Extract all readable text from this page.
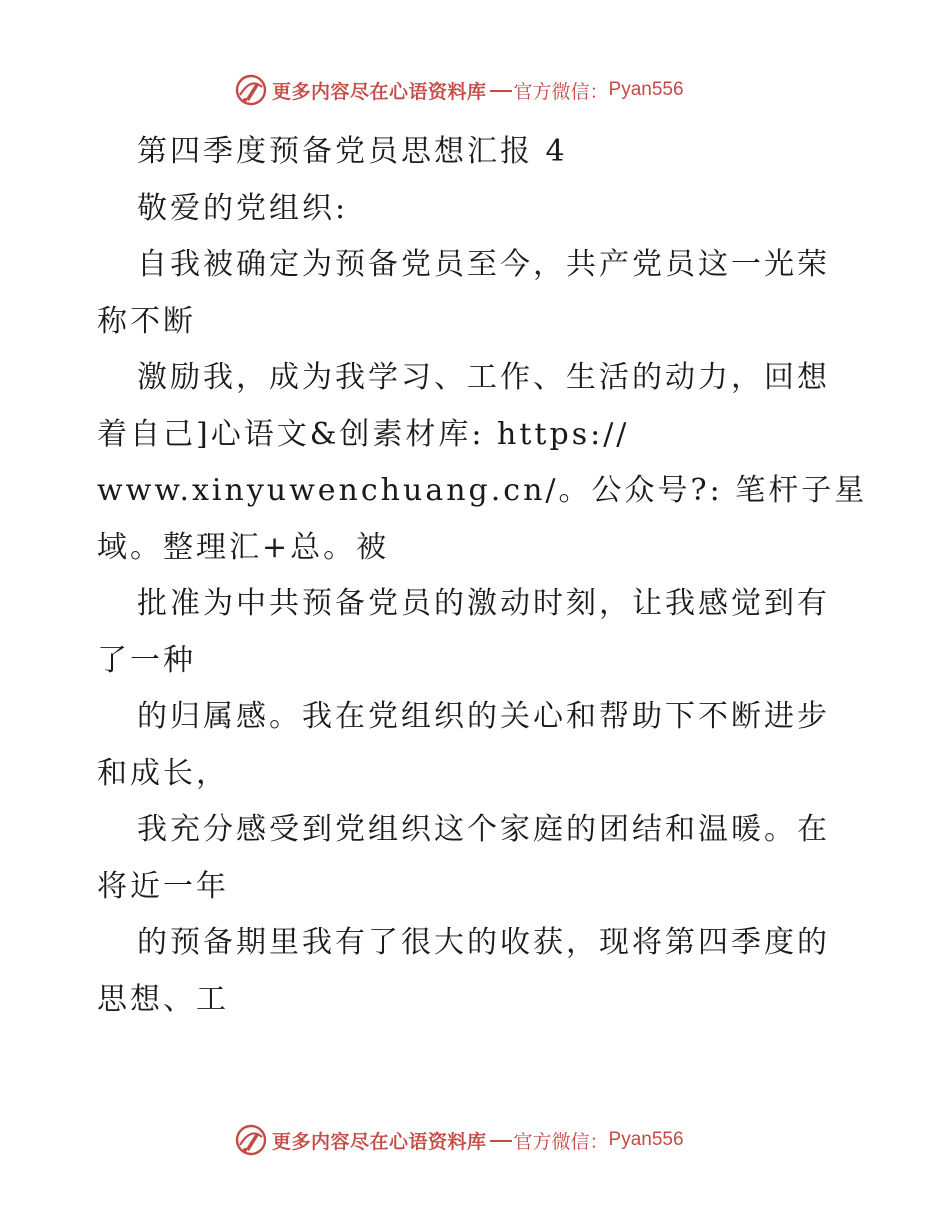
更多内容尽在心语资料库 官方微信： Pyan556
第四季度预备党员思想汇报 4
敬爱的党组织:
自我被确定为预备党员至今，共产党员这一光荣
称不断
激励我，成为我学习、工作、生活的动力，回想
着自己]心语文&创素材库: https://
www.xinyuwenchuang.cn/。公众号?: 笔杆子星
域。整理汇+总。被
批准为中共预备党员的激动时刻，让我感觉到有
了一种
的归属感。我在党组织的关心和帮助下不断进步
和成长，
我充分感受到党组织这个家庭的团结和温暖。在
将近一年
的预备期里我有了很大的收获，现将第四季度的
思想、工
更多内容尽在心语资料库 官方微信： Pyan556
